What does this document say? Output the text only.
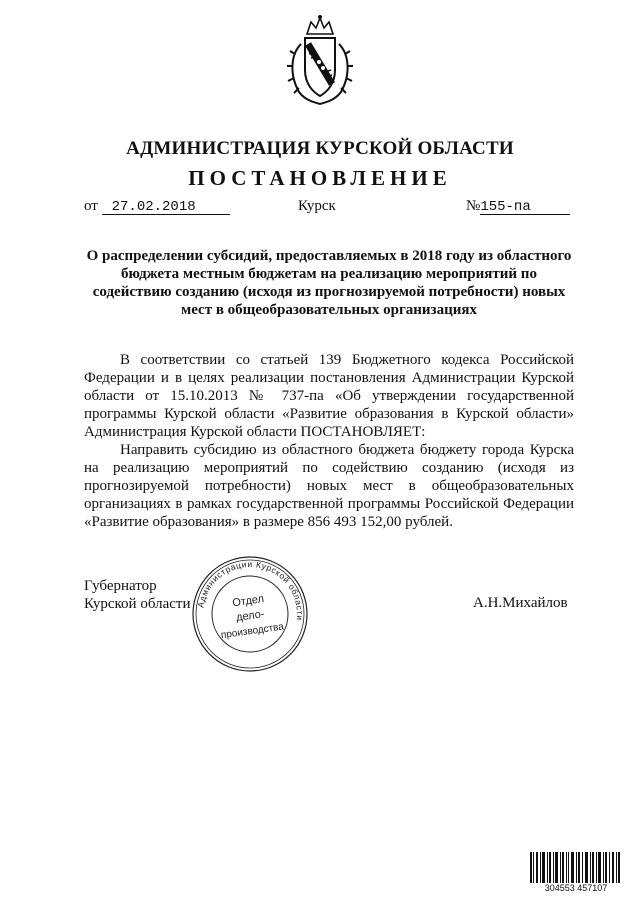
АДМИНИСТРАЦИЯ КУРСКОЙ ОБЛАСТИ
ПОСТАНОВЛЕНИЕ
от 27.02.2018	Курск	№155-па
О распределении субсидий, предоставляемых в 2018 году из областного бюджета местным бюджетам на реализацию мероприятий по содействию созданию (исходя из прогнозируемой потребности) новых мест в общеобразовательных организациях

В соответствии со статьей 139 Бюджетного кодекса Российской Федерации и в целях реализации постановления Администрации Курской области от 15.10.2013 № 737-па «Об утверждении государственной программы Курской области «Развитие образования в Курской области» Администрация Курской области ПОСТАНОВЛЯЕТ:

Направить субсидию из областного бюджета бюджету города Курска на реализацию мероприятий по содействию созданию (исходя из прогнозируемой потребности) новых мест в общеобразовательных организациях в рамках государственной программы Российской Федерации «Развитие образования» в размере 856 493 152,00 рублей.

Губернатор
Курской области	А.Н.Михайлов
Администрации Курской области
Отдел
дело-
производства
304553 457107
